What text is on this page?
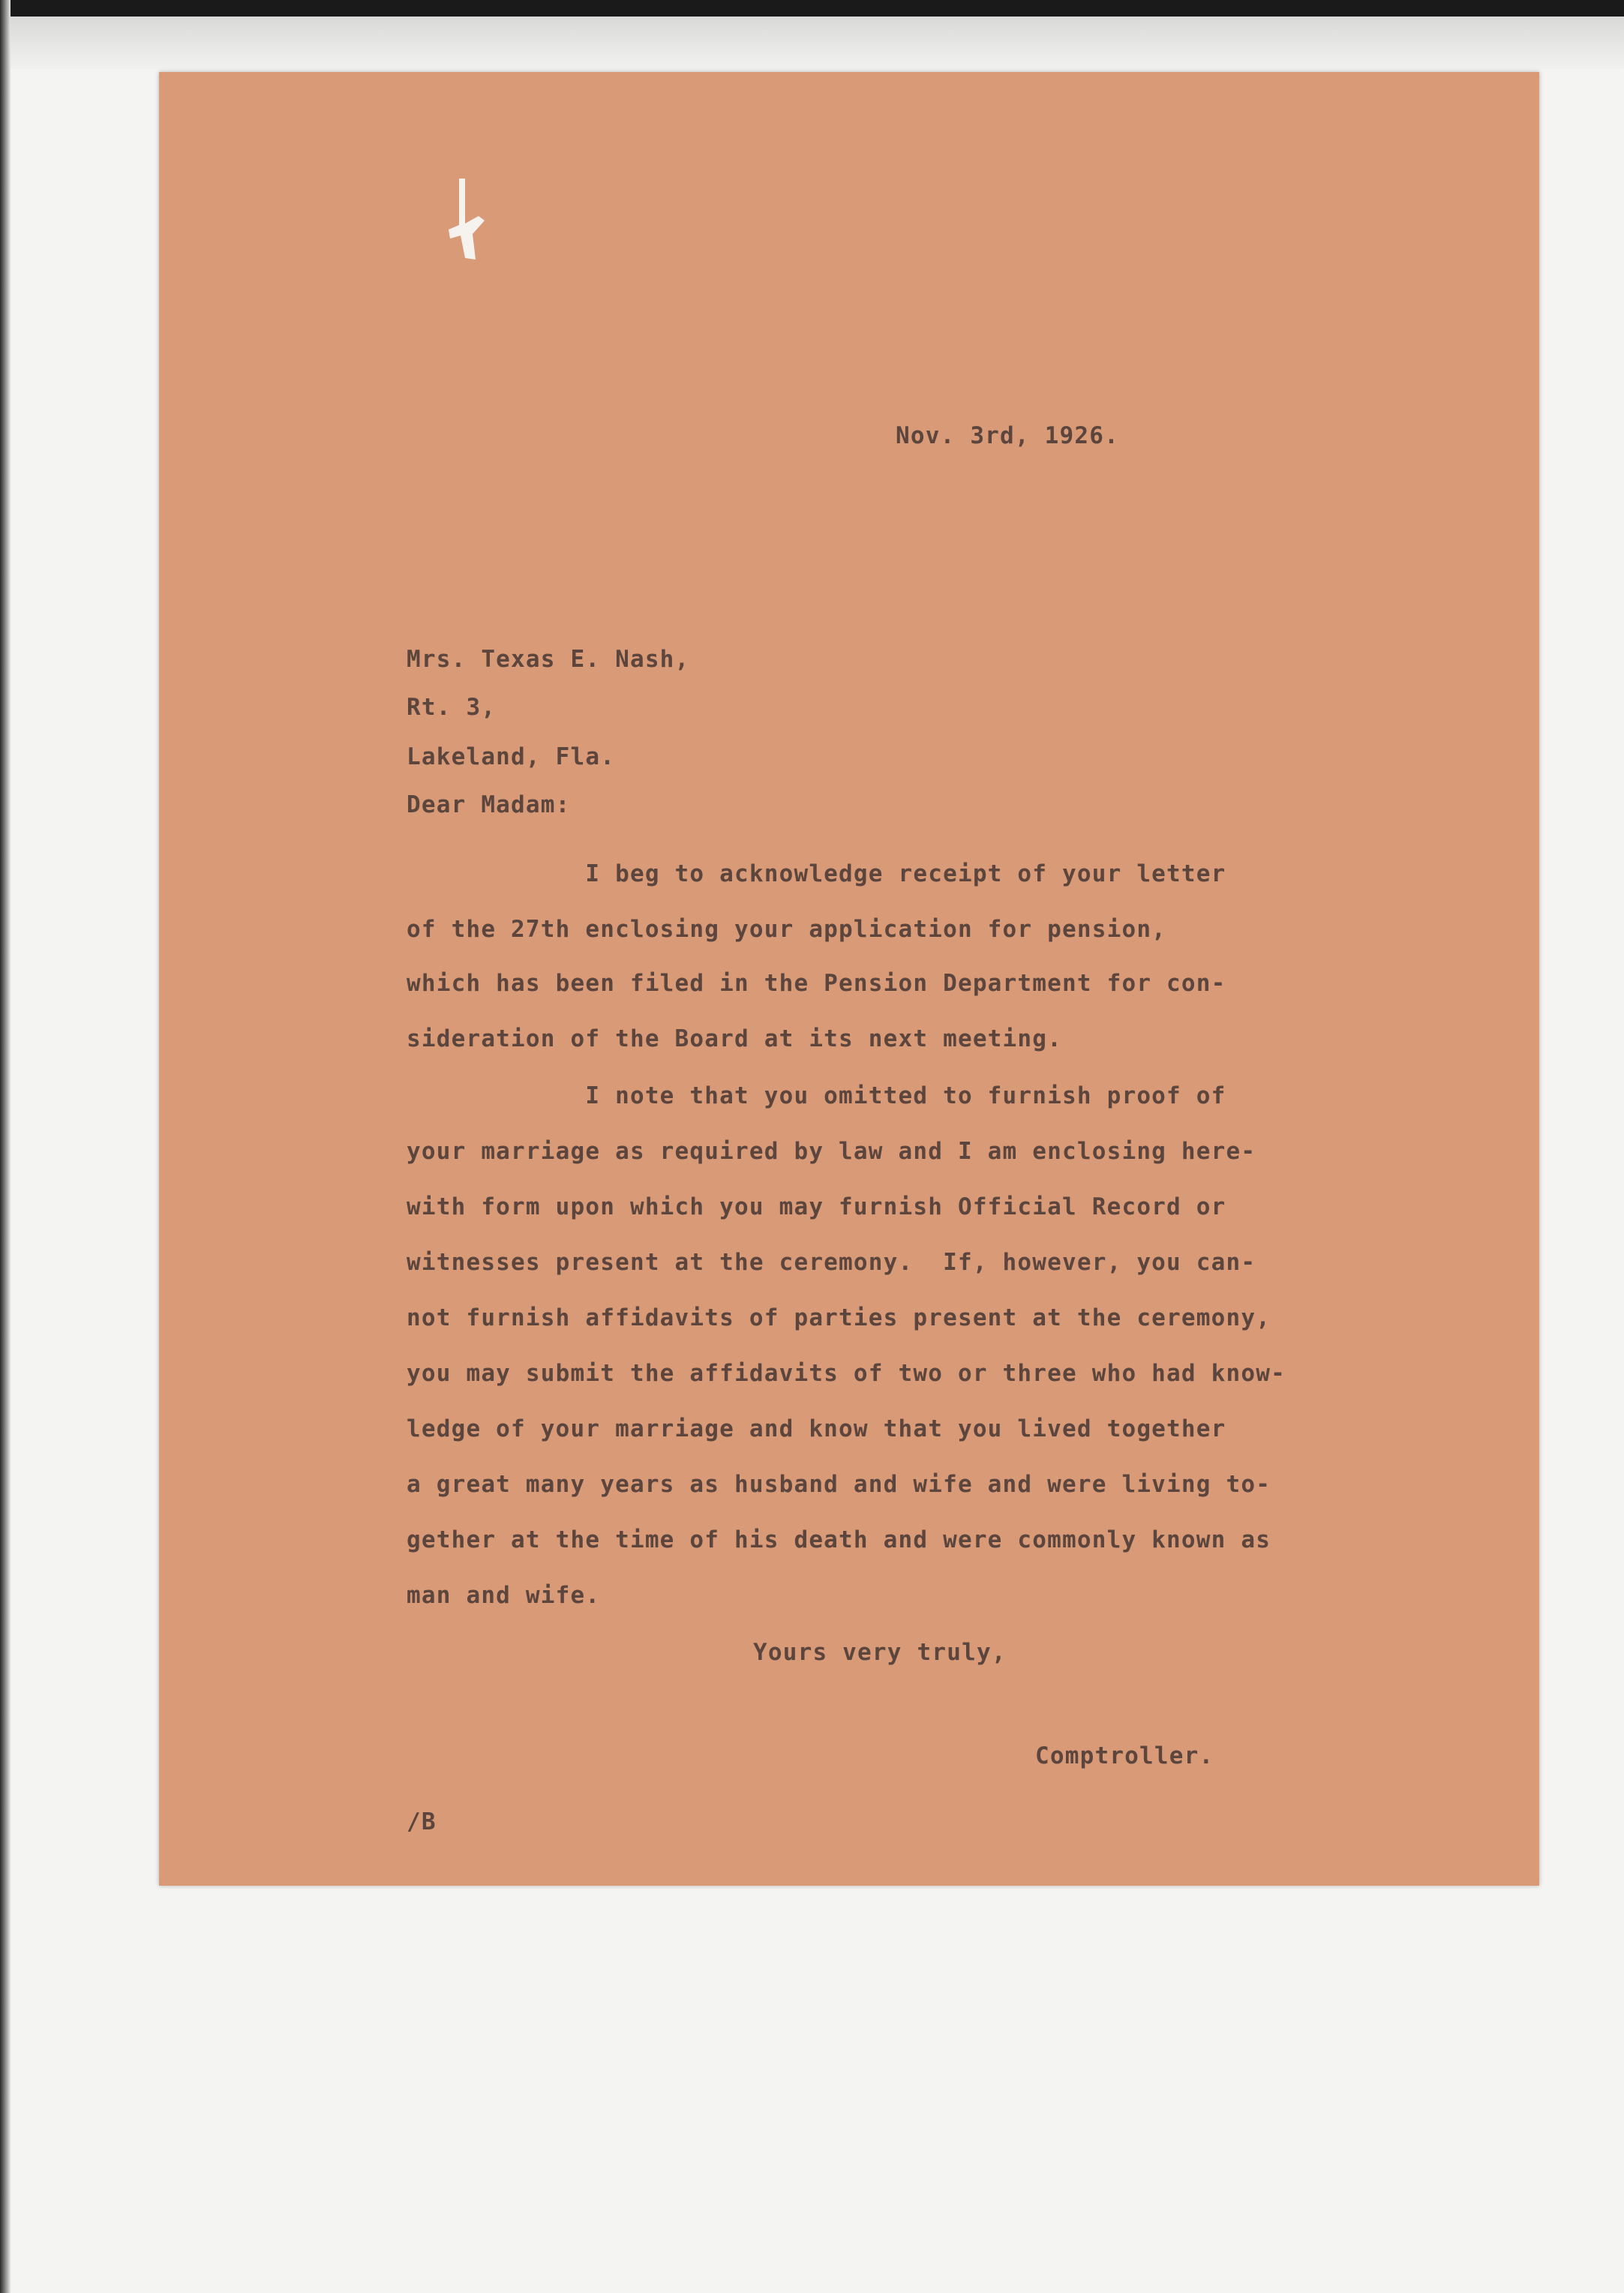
Nov. 3rd, 1926.
Mrs. Texas E. Nash,
Rt. 3,
Lakeland, Fla.
Dear Madam:
I beg to acknowledge receipt of your letter
of the 27th enclosing your application for pension,
which has been filed in the Pension Department for con-
sideration of the Board at its next meeting.
I note that you omitted to furnish proof of
your marriage as required by law and I am enclosing here-
with form upon which you may furnish Official Record or
witnesses present at the ceremony.  If, however, you can-
not furnish affidavits of parties present at the ceremony,
you may submit the affidavits of two or three who had know-
ledge of your marriage and know that you lived together
a great many years as husband and wife and were living to-
gether at the time of his death and were commonly known as
man and wife.
Yours very truly,
Comptroller.
/B
